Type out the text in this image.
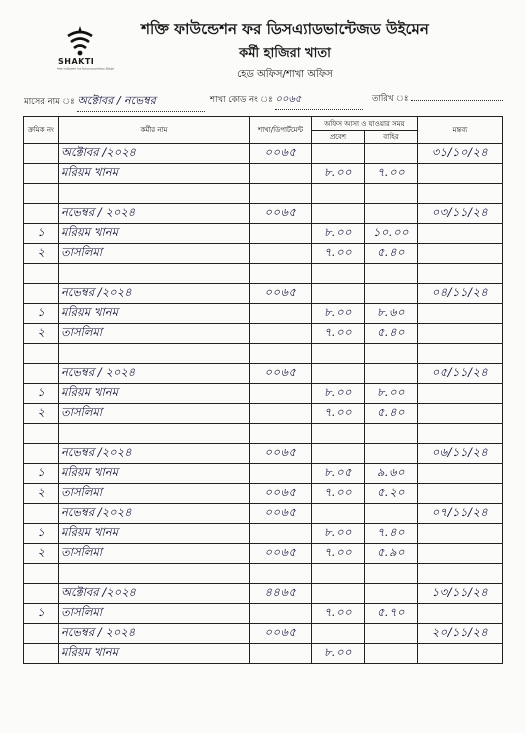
SHAKTI
শক্তি ফাউন্ডেশন ফর ডিসএ্যাডভান্টেজড উইমেন
শক্তি ফাউন্ডেশন ফর ডিসএ্যাডভান্টেজড উইমেন
কর্মী হাজিরা খাতা
হেড অফিস/শাখা অফিস
মাসের নাম ঃ অক্টোবর / নভেম্বর	শাখা কোড নং ঃ ০০৬৫	তারিখ ঃ
ক্রমিক নং	কর্মীর নাম	শাখা/ডিপার্টমেন্ট	অফিস আসা ও যাওয়ার সময়		মন্তব্য
			প্রবেশ	বাহির	
	অক্টোবর /২০২৪	০০৬৫			৩১/১০/২৪
	মরিয়ম খানম		৮.০০	৭.০০	

	নভেম্বর / ২০২৪	০০৬৫			০৩/১১/২৪
১	মরিয়ম খানম		৮.০০	১০.০০	
২	তাসলিমা		৭.০০	৫.৪০	

	নভেম্বর /২০২৪	০০৬৫			০৪/১১/২৪
১	মরিয়ম খানম		৮.০০	৮.৬০	
২	তাসলিমা		৭.০০	৫.৪০	

	নভেম্বর / ২০২৪	০০৬৫			০৫/১১/২৪
১	মরিয়ম খানম		৮.০০	৮.০০	
২	তাসলিমা		৭.০০	৫.৪০	

	নভেম্বর /২০২৪	০০৬৫			০৬/১১/২৪
১	মরিয়ম খানম		৮.০৫	৯.৬০	
২	তাসলিমা	০০৬৫	৭.০০	৫.২০	
	নভেম্বর /২০২৪	০০৬৫			০৭/১১/২৪
১	মরিয়ম খানম		৮.০০	৭.৪০	
২	তাসলিমা	০০৬৫	৭.০০	৫.৯০	

	অক্টোবর /২০২৪	৪৪৬৫			১৩/১১/২৪
১	তাসলিমা		৭.০০	৫.৭০	
	নভেম্বর / ২০২৪	০০৬৫			২০/১১/২৪
	মরিয়ম খানম		৮.০০		
